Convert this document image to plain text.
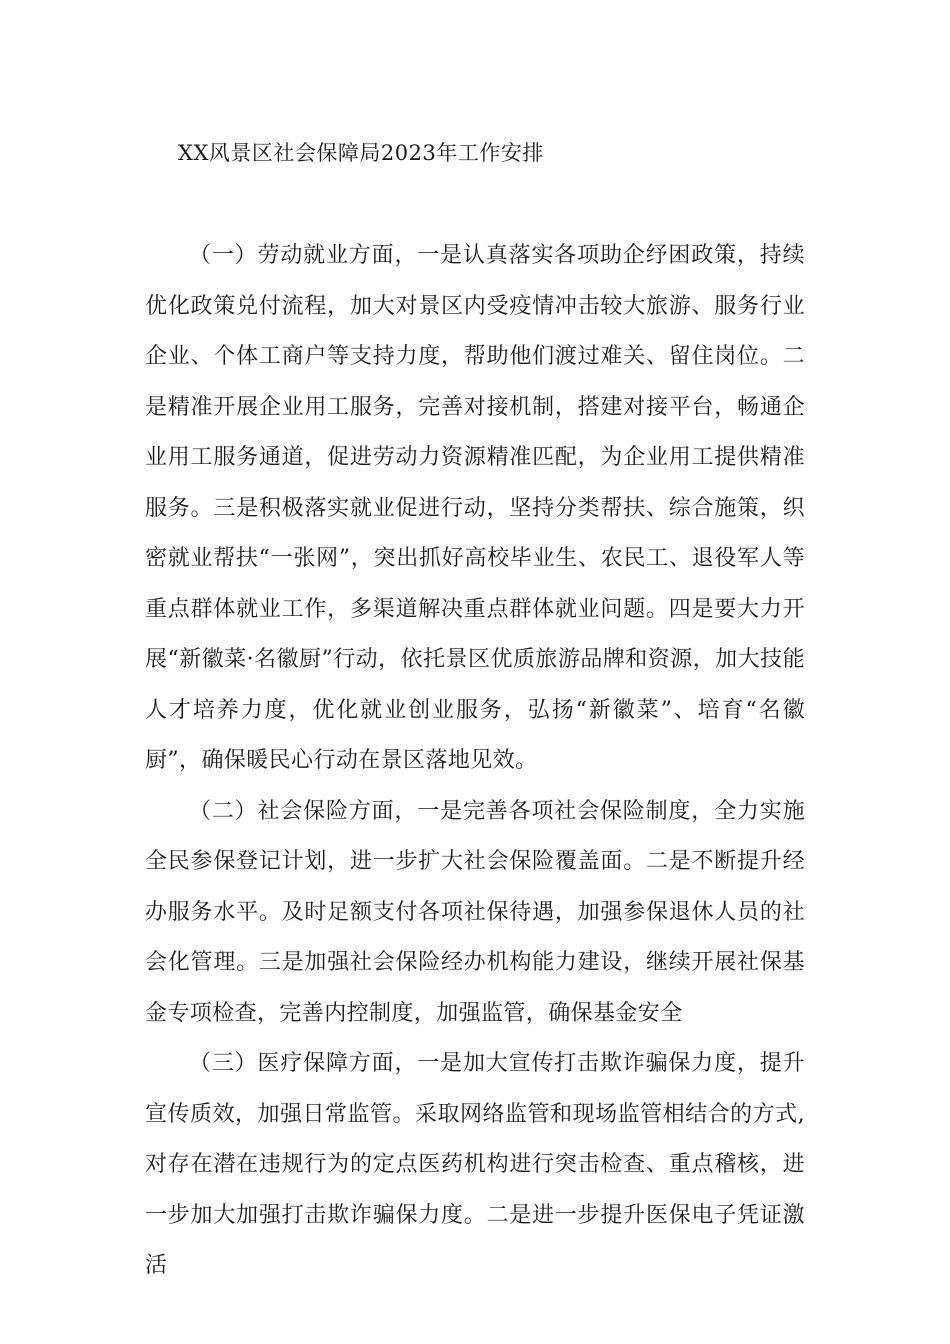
XX风景区社会保障局2023年工作安排

（一）劳动就业方面，一是认真落实各项助企纾困政策，持续优化政策兑付流程，加大对景区内受疫情冲击较大旅游、服务行业企业、个体工商户等支持力度，帮助他们渡过难关、留住岗位。二是精准开展企业用工服务，完善对接机制，搭建对接平台，畅通企业用工服务通道，促进劳动力资源精准匹配，为企业用工提供精准服务。三是积极落实就业促进行动，坚持分类帮扶、综合施策，织密就业帮扶“一张网”，突出抓好高校毕业生、农民工、退役军人等重点群体就业工作，多渠道解决重点群体就业问题。四是要大力开展“新徽菜·名徽厨”行动，依托景区优质旅游品牌和资源，加大技能人才培养力度，优化就业创业服务，弘扬“新徽菜”、培育“名徽厨”，确保暖民心行动在景区落地见效。

（二）社会保险方面，一是完善各项社会保险制度，全力实施全民参保登记计划，进一步扩大社会保险覆盖面。二是不断提升经办服务水平。及时足额支付各项社保待遇，加强参保退休人员的社会化管理。三是加强社会保险经办机构能力建设，继续开展社保基金专项检查，完善内控制度，加强监管，确保基金安全

（三）医疗保障方面，一是加大宣传打击欺诈骗保力度，提升宣传质效，加强日常监管。采取网络监管和现场监管相结合的方式,对存在潜在违规行为的定点医药机构进行突击检查、重点稽核，进一步加大加强打击欺诈骗保力度。二是进一步提升医保电子凭证激活
